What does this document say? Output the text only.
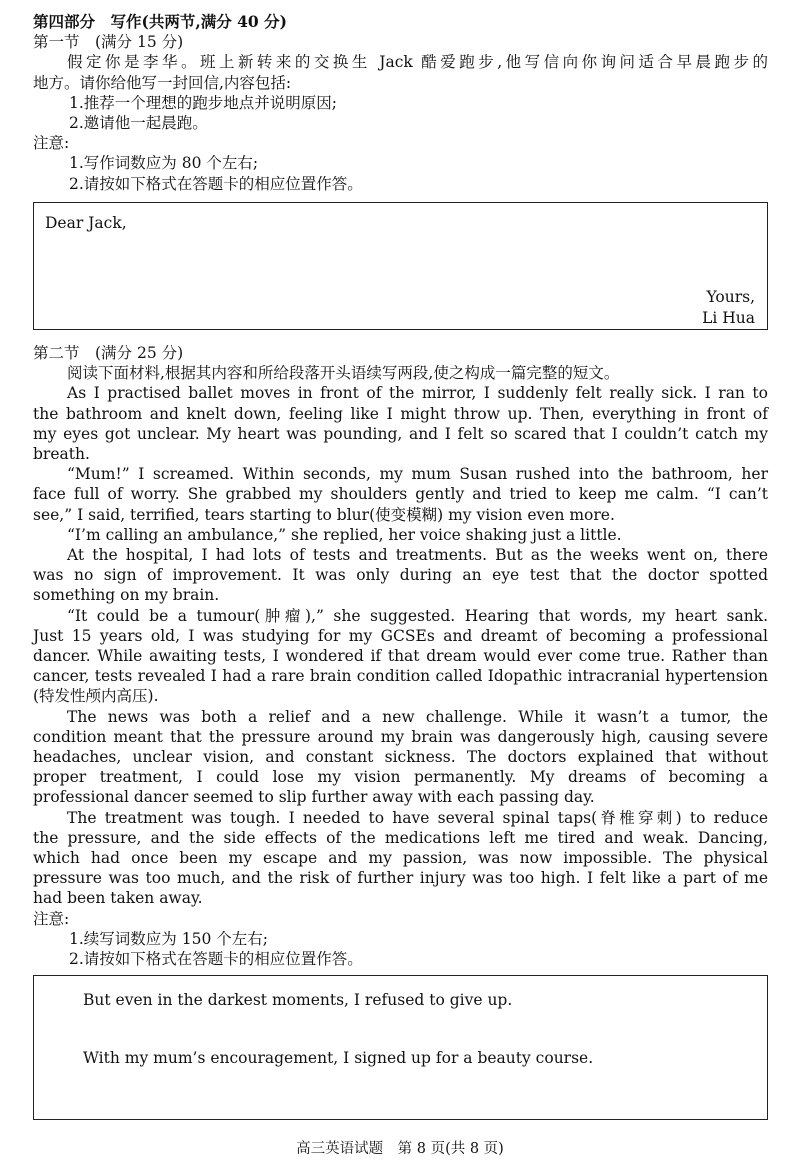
第四部分　写作(共两节,满分 40 分)
第一节　(满分 15 分)
假定你是李华。班上新转来的交换生 Jack 酷爱跑步,他写信向你询问适合早晨跑步的
地方。请你给他写一封回信,内容包括:
1.推荐一个理想的跑步地点并说明原因;
2.邀请他一起晨跑。
注意:
1.写作词数应为 80 个左右;
2.请按如下格式在答题卡的相应位置作答。
Dear Jack,
Yours,
Li Hua
第二节　(满分 25 分)
阅读下面材料,根据其内容和所给段落开头语续写两段,使之构成一篇完整的短文。
As I practised ballet moves in front of the mirror, I suddenly felt really sick. I ran to
the bathroom and knelt down, feeling like I might throw up. Then, everything in front of
my eyes got unclear. My heart was pounding, and I felt so scared that I couldn’t catch my
breath.
“Mum!” I screamed. Within seconds, my mum Susan rushed into the bathroom, her
face full of worry. She grabbed my shoulders gently and tried to keep me calm. “I can’t
see,” I said, terrified, tears starting to blur(使变模糊) my vision even more.
“I’m calling an ambulance,” she replied, her voice shaking just a little.
At the hospital, I had lots of tests and treatments. But as the weeks went on, there
was no sign of improvement. It was only during an eye test that the doctor spotted
something on my brain.
“It could be a tumour(肿瘤),” she suggested. Hearing that words, my heart sank.
Just 15 years old, I was studying for my GCSEs and dreamt of becoming a professional
dancer. While awaiting tests, I wondered if that dream would ever come true. Rather than
cancer, tests revealed I had a rare brain condition called Idopathic intracranial hypertension
(特发性颅内高压).
The news was both a relief and a new challenge. While it wasn’t a tumor, the
condition meant that the pressure around my brain was dangerously high, causing severe
headaches, unclear vision, and constant sickness. The doctors explained that without
proper treatment, I could lose my vision permanently. My dreams of becoming a
professional dancer seemed to slip further away with each passing day.
The treatment was tough. I needed to have several spinal taps(脊椎穿刺) to reduce
the pressure, and the side effects of the medications left me tired and weak. Dancing,
which had once been my escape and my passion, was now impossible. The physical
pressure was too much, and the risk of further injury was too high. I felt like a part of me
had been taken away.
注意:
1.续写词数应为 150 个左右;
2.请按如下格式在答题卡的相应位置作答。
But even in the darkest moments, I refused to give up.
With my mum’s encouragement, I signed up for a beauty course.
高三英语试题　第 8 页(共 8 页)
